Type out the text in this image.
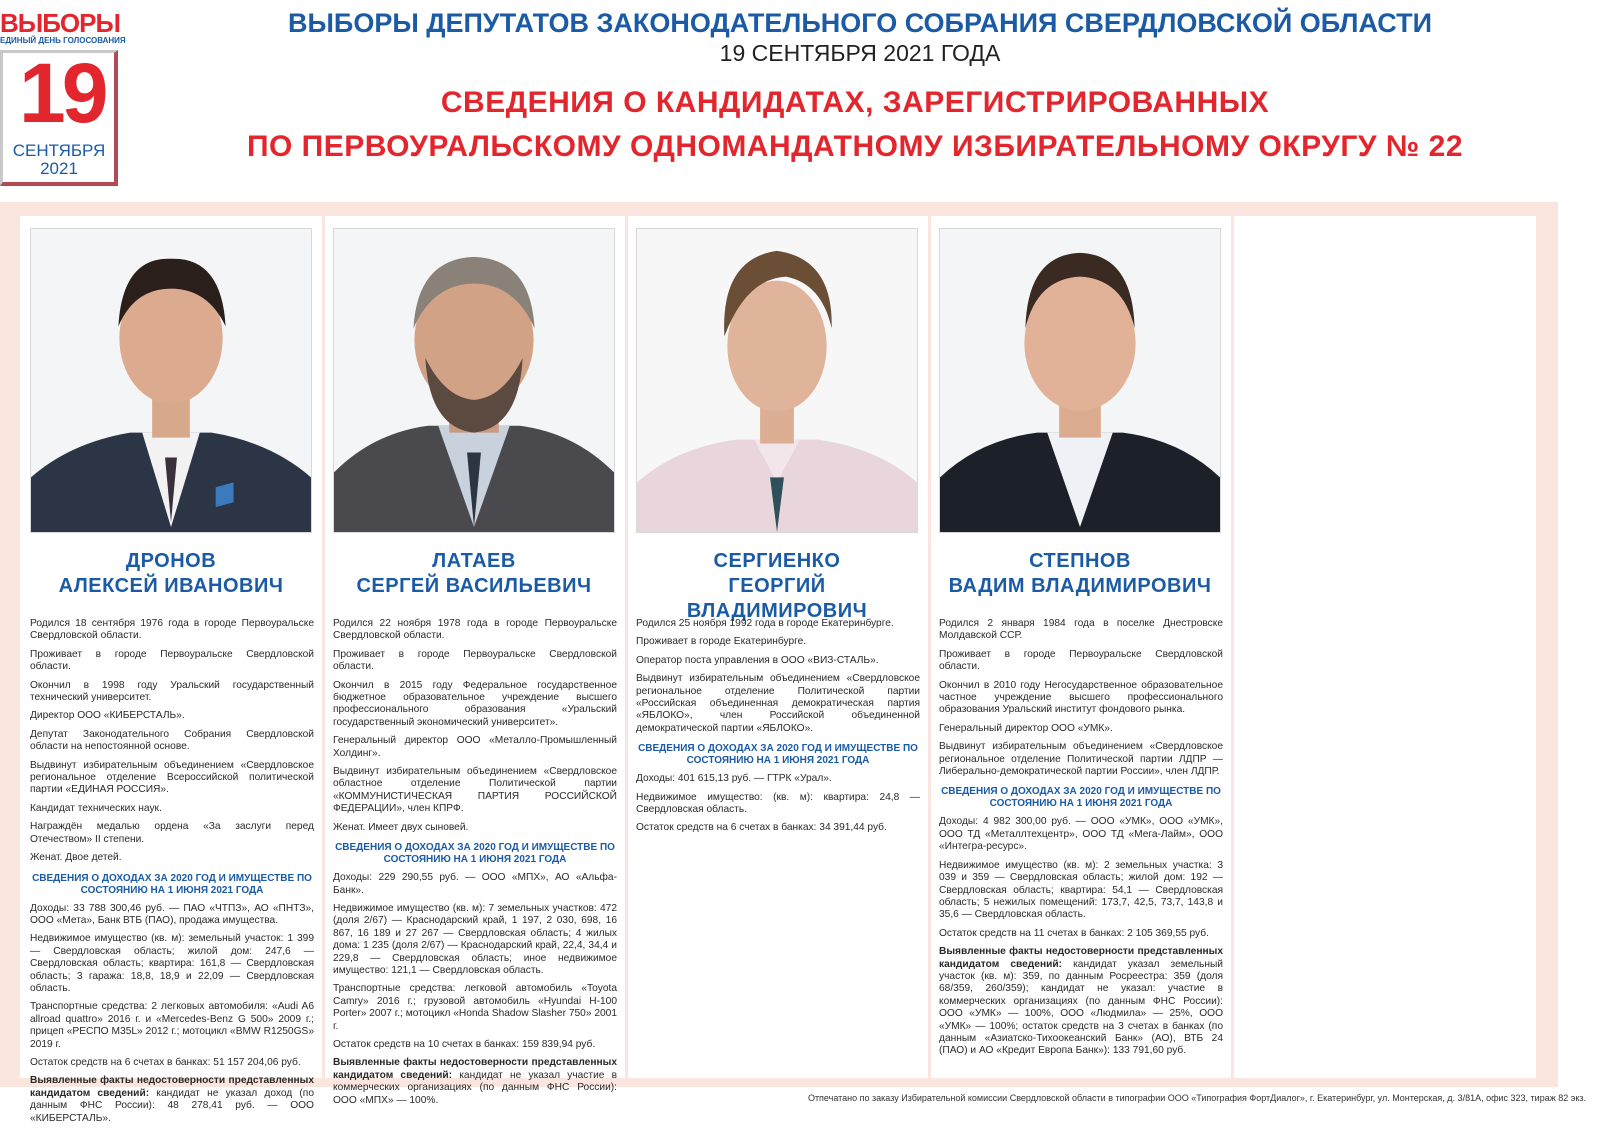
ВЫБОРЫ
ЕДИНЫЙ ДЕНЬ ГОЛОСОВАНИЯ
19
СЕНТЯБРЯ
2021
ВЫБОРЫ ДЕПУТАТОВ ЗАКОНОДАТЕЛЬНОГО СОБРАНИЯ СВЕРДЛОВСКОЙ ОБЛАСТИ
19 СЕНТЯБРЯ 2021 ГОДА
СВЕДЕНИЯ О КАНДИДАТАХ, ЗАРЕГИСТРИРОВАННЫХ
ПО ПЕРВОУРАЛЬСКОМУ ОДНОМАНДАТНОМУ ИЗБИРАТЕЛЬНОМУ ОКРУГУ № 22
ДРОНОВ
АЛЕКСЕЙ ИВАНОВИЧ

Родился 18 сентября 1976 года в городе Первоуральске Свердловской области.

Проживает в городе Первоуральске Свердловской области.

Окончил в 1998 году Уральский государственный технический университет.

Директор ООО «КИБЕРСТАЛЬ».

Депутат Законодательного Собрания Свердловской области на непостоянной основе.

Выдвинут избирательным объединением «Свердловское региональное отделение Всероссийской политической партии «ЕДИНАЯ РОССИЯ».

Кандидат технических наук.

Награждён медалью ордена «За заслуги перед Отечеством» II степени.

Женат. Двое детей.

СВЕДЕНИЯ О ДОХОДАХ ЗА 2020 ГОД И ИМУЩЕСТВЕ ПО СОСТОЯНИЮ НА 1 ИЮНЯ 2021 ГОДА

Доходы: 33 788 300,46 руб. — ПАО «ЧТПЗ», АО «ПНТЗ», ООО «Мета», Банк ВТБ (ПАО), продажа имущества.

Недвижимое имущество (кв. м): земельный участок: 1 399 — Свердловская область; жилой дом: 247,6 — Свердловская область; квартира: 161,8 — Свердловская область; 3 гаража: 18,8, 18,9 и 22,09 — Свердловская область.

Транспортные средства: 2 легковых автомобиля: «Audi A6 allroad quattro» 2016 г. и «Mercedes-Benz G 500» 2009 г.; прицеп «РЕСПО M35L» 2012 г.; мотоцикл «BMW R1250GS» 2019 г.

Остаток средств на 6 счетах в банках: 51 157 204,06 руб.

Выявленные факты недостоверности представленных кандидатом сведений: кандидат не указал доход (по данным ФНС России): 48 278,41 руб. — ООО «КИБЕРСТАЛЬ».

ЛАТАЕВ
СЕРГЕЙ ВАСИЛЬЕВИЧ

Родился 22 ноября 1978 года в городе Первоуральске Свердловской области.

Проживает в городе Первоуральске Свердловской области.

Окончил в 2015 году Федеральное государственное бюджетное образовательное учреждение высшего профессионального образования «Уральский государственный экономический университет».

Генеральный директор ООО «Металло-Промышленный Холдинг».

Выдвинут избирательным объединением «Свердловское областное отделение Политической партии «КОММУНИСТИЧЕСКАЯ ПАРТИЯ РОССИЙСКОЙ ФЕДЕРАЦИИ», член КПРФ.

Женат. Имеет двух сыновей.

СВЕДЕНИЯ О ДОХОДАХ ЗА 2020 ГОД И ИМУЩЕСТВЕ ПО СОСТОЯНИЮ НА 1 ИЮНЯ 2021 ГОДА

Доходы: 229 290,55 руб. — ООО «МПХ», АО «Альфа-Банк».

Недвижимое имущество (кв. м): 7 земельных участков: 472 (доля 2/67) — Краснодарский край, 1 197, 2 030, 698, 16 867, 16 189 и 27 267 — Свердловская область; 4 жилых дома: 1 235 (доля 2/67) — Краснодарский край, 22,4, 34,4 и 229,8 — Свердловская область; иное недвижимое имущество: 121,1 — Свердловская область.

Транспортные средства: легковой автомобиль «Toyota Camry» 2016 г.; грузовой автомобиль «Hyundai H-100 Porter» 2007 г.; мотоцикл «Honda Shadow Slasher 750» 2001 г.

Остаток средств на 10 счетах в банках: 159 839,94 руб.

Выявленные факты недостоверности представленных кандидатом сведений: кандидат не указал участие в коммерческих организациях (по данным ФНС России): ООО «МПХ» — 100%.

СЕРГИЕНКО
ГЕОРГИЙ ВЛАДИМИРОВИЧ

Родился 25 ноября 1992 года в городе Екатеринбурге.

Проживает в городе Екатеринбурге.

Оператор поста управления в ООО «ВИЗ-СТАЛЬ».

Выдвинут избирательным объединением «Свердловское региональное отделение Политической партии «Российская объединенная демократическая партия «ЯБЛОКО», член Российской объединенной демократической партии «ЯБЛОКО».

СВЕДЕНИЯ О ДОХОДАХ ЗА 2020 ГОД И ИМУЩЕСТВЕ ПО СОСТОЯНИЮ НА 1 ИЮНЯ 2021 ГОДА

Доходы: 401 615,13 руб. — ГТРК «Урал».

Недвижимое имущество: (кв. м): квартира: 24,8 — Свердловская область.

Остаток средств на 6 счетах в банках: 34 391,44 руб.

СТЕПНОВ
ВАДИМ ВЛАДИМИРОВИЧ

Родился 2 января 1984 года в поселке Днестровске Молдавской ССР.

Проживает в городе Первоуральске Свердловской области.

Окончил в 2010 году Негосударственное образовательное частное учреждение высшего профессионального образования Уральский институт фондового рынка.

Генеральный директор ООО «УМК».

Выдвинут избирательным объединением «Свердловское региональное отделение Политической партии ЛДПР — Либерально-демократической партии России», член ЛДПР.

СВЕДЕНИЯ О ДОХОДАХ ЗА 2020 ГОД И ИМУЩЕСТВЕ ПО СОСТОЯНИЮ НА 1 ИЮНЯ 2021 ГОДА

Доходы: 4 982 300,00 руб. — ООО «УМК», ООО «УМК», ООО ТД «Металлтехцентр», ООО ТД «Мега-Лайм», ООО «Интегра-ресурс».

Недвижимое имущество (кв. м): 2 земельных участка: 3 039 и 359 — Свердловская область; жилой дом: 192 — Свердловская область; квартира: 54,1 — Свердловская область; 5 нежилых помещений: 173,7, 42,5, 73,7, 143,8 и 35,6 — Свердловская область.

Остаток средств на 11 счетах в банках: 2 105 369,55 руб.

Выявленные факты недостоверности представленных кандидатом сведений: кандидат указал земельный участок (кв. м): 359, по данным Росреестра: 359 (доля 68/359, 260/359); кандидат не указал: участие в коммерческих организациях (по данным ФНС России): ООО «УМК» — 100%, ООО «Людмила» — 25%, ООО «УМК» — 100%; остаток средств на 3 счетах в банках (по данным «Азиатско-Тихоокеанский Банк» (АО), ВТБ 24 (ПАО) и АО «Кредит Европа Банк»): 133 791,60 руб.

Отпечатано по заказу Избирательной комиссии Свердловской области в типографии ООО «Типография ФортДиалог», г. Екатеринбург, ул. Монтерская, д. 3/81А, офис 323, тираж 82 экз.
